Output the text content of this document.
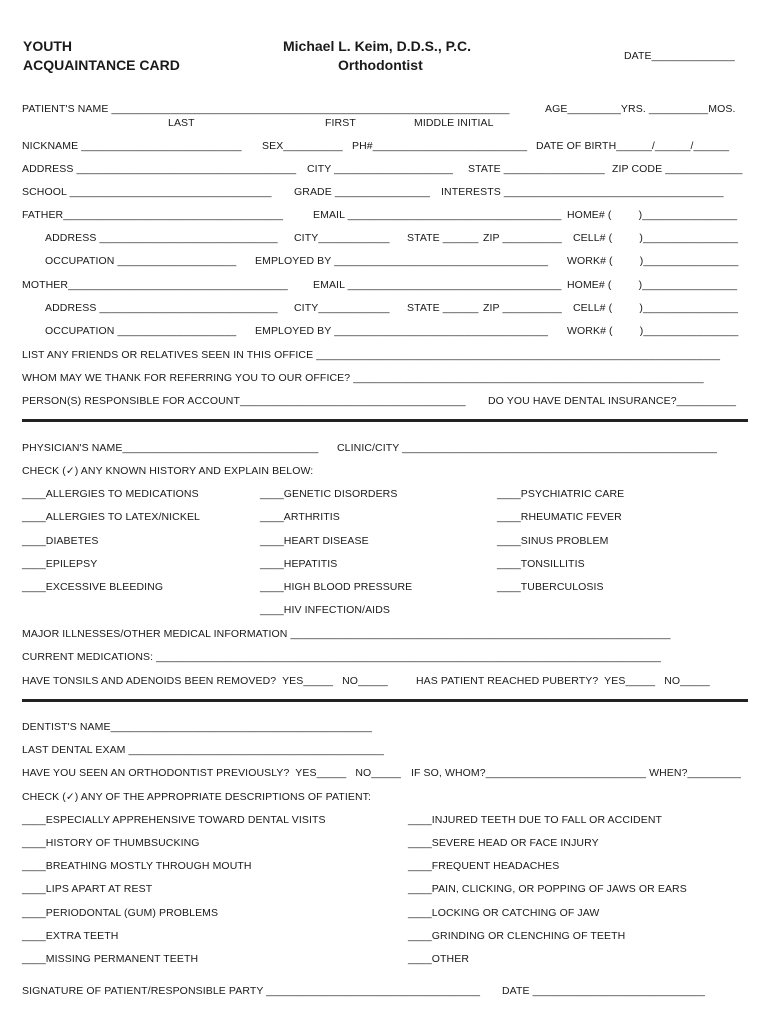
YOUTH
ACQUAINTANCE CARD
Michael L. Keim, D.D.S., P.C.
Orthodontist
DATE______________
PATIENT'S NAME ___________________________________________________________________	AGE_________YRS. __________MOS.
LAST	FIRST	MIDDLE INITIAL
NICKNAME ___________________________ SEX__________ PH#__________________________ DATE OF BIRTH______/______/______
ADDRESS _____________________________________ CITY ____________________ STATE _________________ ZIP CODE _____________
SCHOOL __________________________________ GRADE ________________ INTERESTS _____________________________________
FATHER_____________________________________	EMAIL ____________________________________ HOME# (         )________________
ADDRESS ______________________________ CITY____________ STATE ______ ZIP __________ CELL# (         )________________
OCCUPATION ____________________ EMPLOYED BY ____________________________________ WORK# (         )________________
MOTHER_____________________________________ EMAIL ____________________________________ HOME# (         )________________
ADDRESS ______________________________ CITY____________ STATE ______ ZIP __________ CELL# (         )________________
OCCUPATION ____________________ EMPLOYED BY ____________________________________ WORK# (         )________________
LIST ANY FRIENDS OR RELATIVES SEEN IN THIS OFFICE ____________________________________________________________________
WHOM MAY WE THANK FOR REFERRING YOU TO OUR OFFICE? ___________________________________________________________
PERSON(S) RESPONSIBLE FOR ACCOUNT______________________________________ DO YOU HAVE DENTAL INSURANCE?__________
PHYSICIAN'S NAME_________________________________ CLINIC/CITY _____________________________________________________
CHECK (✓) ANY KNOWN HISTORY AND EXPLAIN BELOW:
____ALLERGIES TO MEDICATIONS
____ALLERGIES TO LATEX/NICKEL
____DIABETES
____EPILEPSY
____EXCESSIVE BLEEDING
____GENETIC DISORDERS
____ARTHRITIS
____HEART DISEASE
____HEPATITIS
____HIGH BLOOD PRESSURE
____HIV INFECTION/AIDS
____PSYCHIATRIC CARE
____RHEUMATIC FEVER
____SINUS PROBLEM
____TONSILLITIS
____TUBERCULOSIS
MAJOR ILLNESSES/OTHER MEDICAL INFORMATION ________________________________________________________________
CURRENT MEDICATIONS: _____________________________________________________________________________________
HAVE TONSILS AND ADENOIDS BEEN REMOVED?  YES_____   NO_____	HAS PATIENT REACHED PUBERTY?  YES_____   NO_____
DENTIST'S NAME____________________________________________
LAST DENTAL EXAM ___________________________________________
HAVE YOU SEEN AN ORTHODONTIST PREVIOUSLY?  YES_____   NO_____ IF SO, WHOM?___________________________ WHEN?_________
CHECK (✓) ANY OF THE APPROPRIATE DESCRIPTIONS OF PATIENT:
____ESPECIALLY APPREHENSIVE TOWARD DENTAL VISITS
____HISTORY OF THUMBSUCKING
____BREATHING MOSTLY THROUGH MOUTH
____LIPS APART AT REST
____PERIODONTAL (GUM) PROBLEMS
____EXTRA TEETH
____MISSING PERMANENT TEETH
____INJURED TEETH DUE TO FALL OR ACCIDENT
____SEVERE HEAD OR FACE INJURY
____FREQUENT HEADACHES
____PAIN, CLICKING, OR POPPING OF JAWS OR EARS
____LOCKING OR CATCHING OF JAW
____GRINDING OR CLENCHING OF TEETH
____OTHER
SIGNATURE OF PATIENT/RESPONSIBLE PARTY ____________________________________ DATE _____________________________
